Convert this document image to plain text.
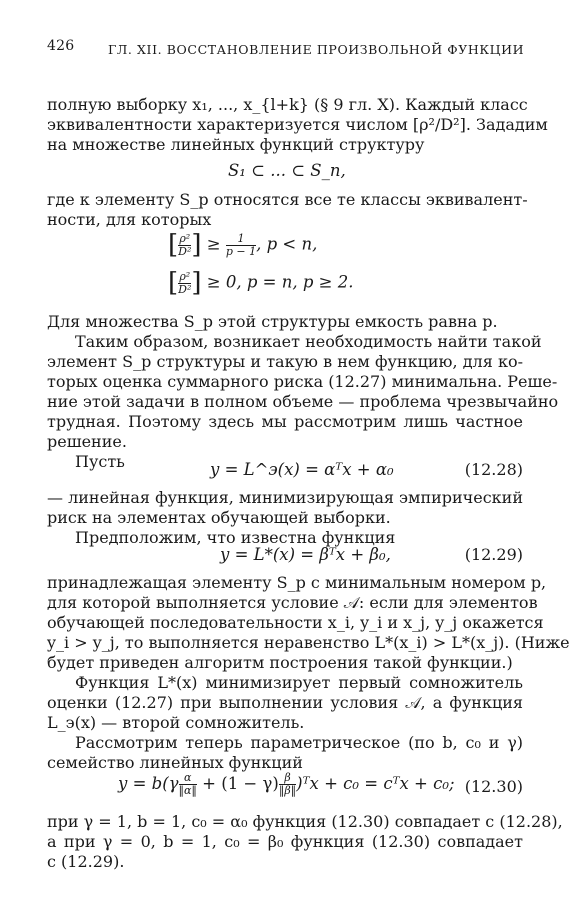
426	ГЛ. XII. ВОССТАНОВЛЕНИЕ ПРОИЗВОЛЬНОЙ ФУНКЦИИ
полную выборку x₁, ..., x_{l+k} (§ 9 гл. X). Каждый класс
эквивалентности характеризуется числом [ρ²/D²]. Зададим
на множестве линейных функций структуру
S₁ ⊂ ... ⊂ S_n,
где к элементу S_p относятся все те классы эквивалент-
ности, для которых
[ $\frac{\text{ρ²}}{\text{D²}}$ ] ≥ $\frac{1}{p - 1}$ , p < n,
[ $\frac{\text{ρ²}}{\text{D²}}$ ] ≥ 0, p = n, p ≥ 2.
Для множества S_p этой структуры емкость равна p.
Таким образом, возникает необходимость найти такой
элемент S_p структуры и такую в нем функцию, для ко-
торых оценка суммарного риска (12.27) минимальна. Реше-
ние этой задачи в полном объеме — проблема чрезвычайно
трудная. Поэтому здесь мы рассмотрим лишь частное
решение.
Пусть	y = L^э(x) = αᵀx + α₀	(12.28)
— линейная функция, минимизирующая эмпирический
риск на элементах обучающей выборки.
Предположим, что известна функция
y = L*(x) = βᵀx + β₀,	(12.29)
принадлежащая элементу S_p с минимальным номером p,
для которой выполняется условие 𝒜: если для элементов
обучающей последовательности x_i, y_i и x_j, y_j окажется
y_i > y_j, то выполняется неравенство L*(x_i) > L*(x_j). (Ниже
будет приведен алгоритм построения такой функции.)
Функция L*(x) минимизирует первый сомножитель
оценки (12.27) при выполнении условия 𝒜, а функция
L_э(x) — второй сомножитель.
Рассмотрим теперь параметрическое (по b, c₀ и γ)
семейство линейных функций
$y = b(\gamma \frac{\alpha}{‖\alpha‖} + (1 - \gamma) \frac{\beta}{‖\beta‖}$ )ᵀx + c₀ = cᵀx + c₀; (12.30)
при γ = 1, b = 1, c₀ = α₀ функция (12.30) совпадает с (12.28),
а при γ = 0, b = 1, c₀ = β₀ функция (12.30) совпадает
с (12.29).
